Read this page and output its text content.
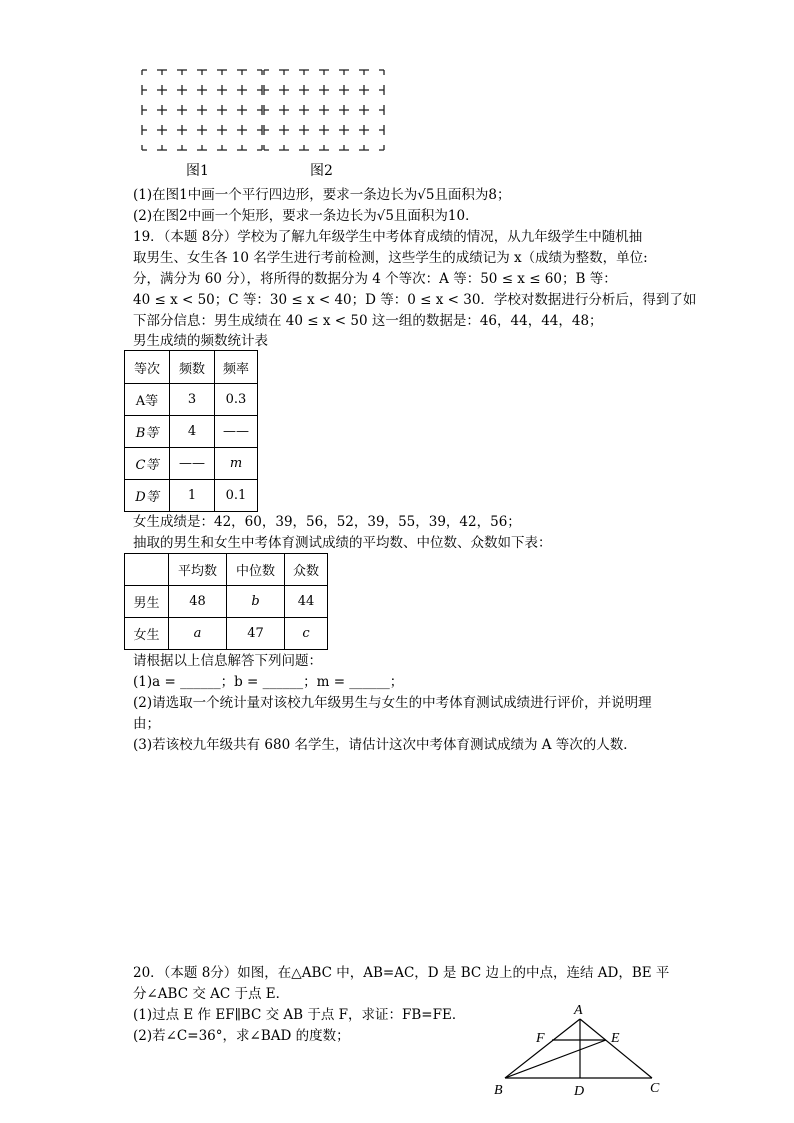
图1	图2
(1)在图1中画一个平行四边形，要求一条边长为√5且面积为8；
(2)在图2中画一个矩形，要求一条边长为√5且面积为10．
19．（本题 8分）学校为了解九年级学生中考体育成绩的情况，从九年级学生中随机抽
取男生、女生各 10 名学生进行考前检测，这些学生的成绩记为 x（成绩为整数，单位:
分，满分为 60 分），将所得的数据分为 4 个等次：A 等：50 ≤ x ≤ 60；B 等：
40 ≤ x < 50；C 等：30 ≤ x < 40；D 等：0 ≤ x < 30．学校对数据进行分析后，得到了如
下部分信息：男生成绩在 40 ≤ x < 50 这一组的数据是：46，44，44，48；
男生成绩的频数统计表
等次	频数	频率
A等	3	0.3
B等	4	——
C等	——	m
D等	1	0.1
女生成绩是：42，60，39，56，52，39，55，39，42，56；
抽取的男生和女生中考体育测试成绩的平均数、中位数、众数如下表：
	平均数	中位数	众数
男生	48	b	44
女生	a	47	c
请根据以上信息解答下列问题：
(1)a = ______；b = ______；m = ______；
(2)请选取一个统计量对该校九年级男生与女生的中考体育测试成绩进行评价，并说明理
由；
(3)若该校九年级共有 680 名学生，请估计这次中考体育测试成绩为 A 等次的人数．
20．（本题 8分）如图，在△ABC 中，AB=AC，D 是 BC 边上的中点，连结 AD，BE 平
分∠ABC 交 AC 于点 E．
(1)过点 E 作 EF∥BC 交 AB 于点 F，求证：FB=FE．
(2)若∠C=36°，求∠BAD 的度数；
A
B	C
D
E
F
